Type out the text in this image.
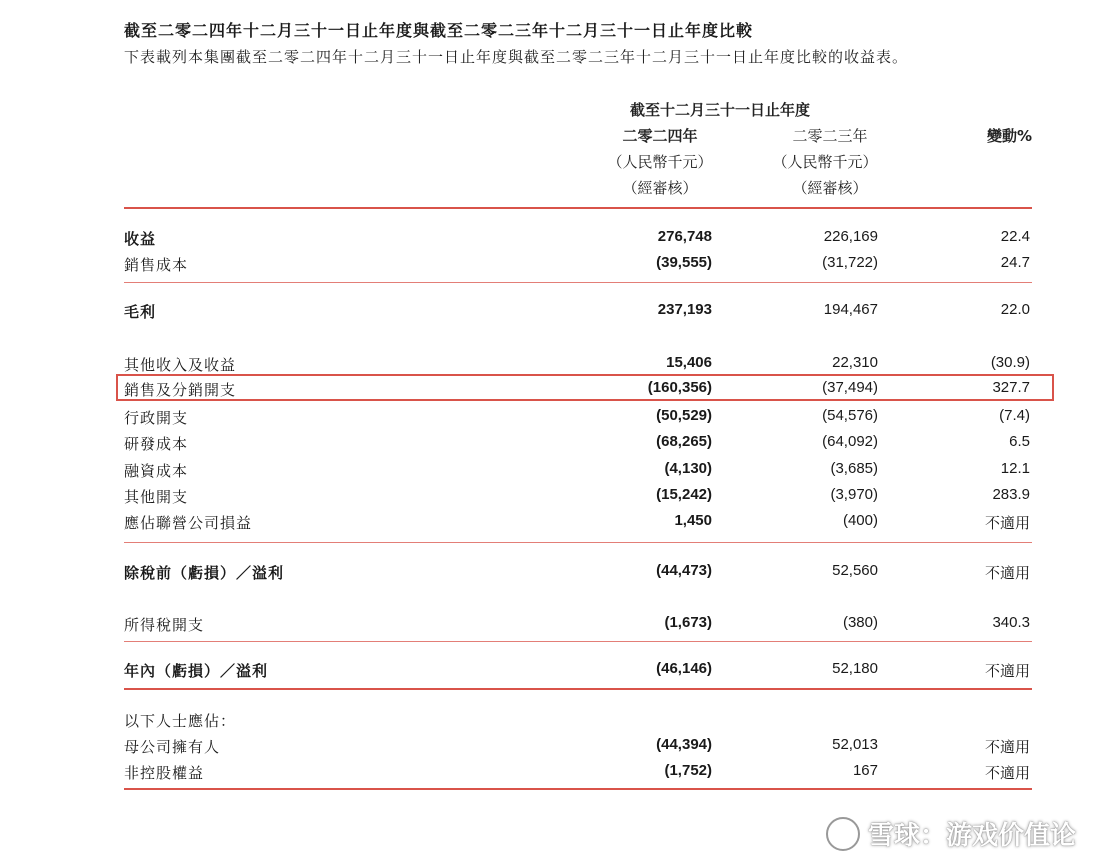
截至二零二四年十二月三十一日止年度與截至二零二三年十二月三十一日止年度比較
下表載列本集團截至二零二四年十二月三十一日止年度與截至二零二三年十二月三十一日止年度比較的收益表。
截至十二月三十一日止年度
二零二四年
（人民幣千元）
（經審核）
二零二三年
（人民幣千元）
（經審核）
變動%
收益	276,748	226,169	22.4
銷售成本	(39,555)	(31,722)	24.7
毛利	237,193	194,467	22.0
其他收入及收益	15,406	22,310	(30.9)
銷售及分銷開支	(160,356)	(37,494)	327.7
行政開支	(50,529)	(54,576)	(7.4)
研發成本	(68,265)	(64,092)	6.5
融資成本	(4,130)	(3,685)	12.1
其他開支	(15,242)	(3,970)	283.9
應佔聯營公司損益	1,450	(400)	不適用
除稅前（虧損）／溢利	(44,473)	52,560	不適用
所得稅開支	(1,673)	(380)	340.3
年內（虧損）／溢利	(46,146)	52,180	不適用
以下人士應佔：
母公司擁有人	(44,394)	52,013	不適用
非控股權益	(1,752)	167	不適用
雪球：游戏价值论
